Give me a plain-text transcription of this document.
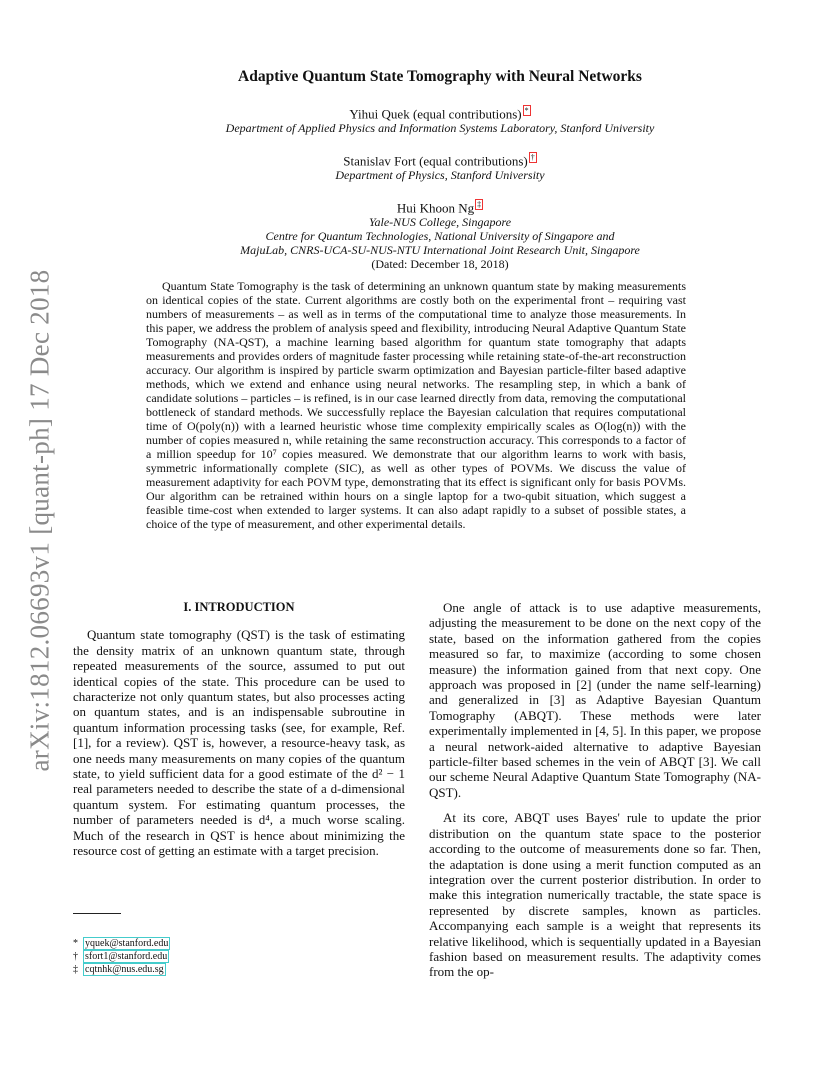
arXiv:1812.06693v1 [quant-ph] 17 Dec 2018
Adaptive Quantum State Tomography with Neural Networks
Yihui Quek (equal contributions) *
Department of Applied Physics and Information Systems Laboratory, Stanford University
Stanislav Fort (equal contributions) †
Department of Physics, Stanford University
Hui Khoon Ng ‡
Yale-NUS College, Singapore
Centre for Quantum Technologies, National University of Singapore and
MajuLab, CNRS-UCA-SU-NUS-NTU International Joint Research Unit, Singapore
(Dated: December 18, 2018)
Quantum State Tomography is the task of determining an unknown quantum state by making measurements on identical copies of the state. Current algorithms are costly both on the experimental front – requiring vast numbers of measurements – as well as in terms of the computational time to analyze those measurements. In this paper, we address the problem of analysis speed and flexibility, introducing Neural Adaptive Quantum State Tomography (NA-QST), a machine learning based algorithm for quantum state tomography that adapts measurements and provides orders of magnitude faster processing while retaining state-of-the-art reconstruction accuracy. Our algorithm is inspired by particle swarm optimization and Bayesian particle-filter based adaptive methods, which we extend and enhance using neural networks. The resampling step, in which a bank of candidate solutions – particles – is refined, is in our case learned directly from data, removing the computational bottleneck of standard methods. We successfully replace the Bayesian calculation that requires computational time of O(poly(n)) with a learned heuristic whose time complexity empirically scales as O(log(n)) with the number of copies measured n, while retaining the same reconstruction accuracy. This corresponds to a factor of a million speedup for 10⁷ copies measured. We demonstrate that our algorithm learns to work with basis, symmetric informationally complete (SIC), as well as other types of POVMs. We discuss the value of measurement adaptivity for each POVM type, demonstrating that its effect is significant only for basis POVMs. Our algorithm can be retrained within hours on a single laptop for a two-qubit situation, which suggest a feasible time-cost when extended to larger systems. It can also adapt rapidly to a subset of possible states, a choice of the type of measurement, and other experimental details.
I. INTRODUCTION

Quantum state tomography (QST) is the task of estimating the density matrix of an unknown quantum state, through repeated measurements of the source, assumed to put out identical copies of the state. This procedure can be used to characterize not only quantum states, but also processes acting on quantum states, and is an indispensable subroutine in quantum information processing tasks (see, for example, Ref. [1], for a review). QST is, however, a resource-heavy task, as one needs many measurements on many copies of the quantum state, to yield sufficient data for a good estimate of the d² − 1 real parameters needed to describe the state of a d-dimensional quantum system. For estimating quantum processes, the number of parameters needed is d⁴, a much worse scaling. Much of the research in QST is hence about minimizing the resource cost of getting an estimate with a target precision.

One angle of attack is to use adaptive measurements, adjusting the measurement to be done on the next copy of the state, based on the information gathered from the copies measured so far, to maximize (according to some chosen measure) the information gained from that next copy. One approach was proposed in [2] (under the name self-learning) and generalized in [3] as Adaptive Bayesian Quantum Tomography (ABQT). These methods were later experimentally implemented in [4, 5]. In this paper, we propose a neural network-aided alternative to adaptive Bayesian particle-filter based schemes in the vein of ABQT [3]. We call our scheme Neural Adaptive Quantum State Tomography (NA-QST).

At its core, ABQT uses Bayes' rule to update the prior distribution on the quantum state space to the posterior according to the outcome of measurements done so far. Then, the adaptation is done using a merit function computed as an integration over the current posterior distribution. In order to make this integration numerically tractable, the state space is represented by discrete samples, known as particles. Accompanying each sample is a weight that represents its relative likelihood, which is sequentially updated in a Bayesian fashion based on measurement results. The adaptivity comes from the op-

* yquek@stanford.edu
† sfort1@stanford.edu
‡ cqtnhk@nus.edu.sg
